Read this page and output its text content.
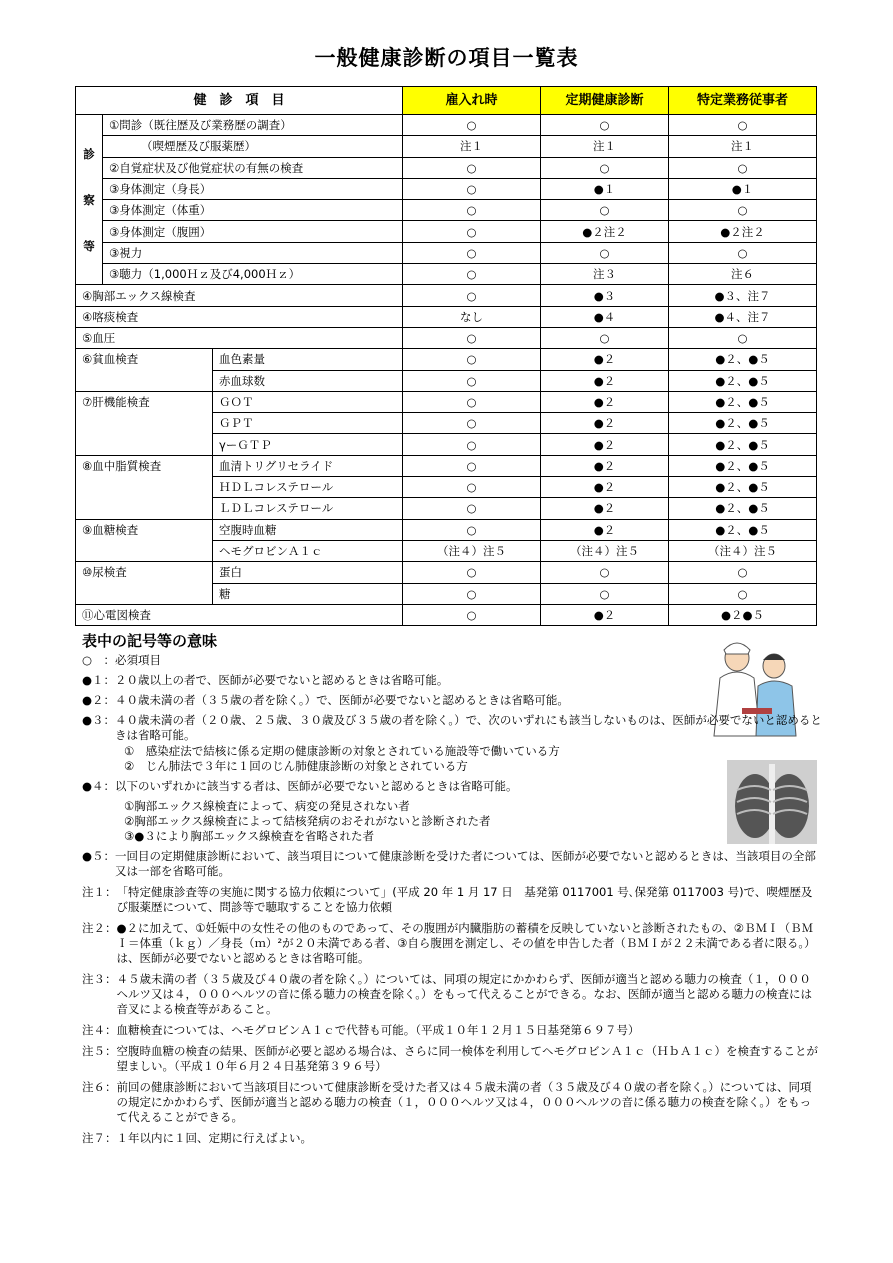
一般健康診断の項目一覧表
健　診　項　目			雇入れ時	定期健康診断	特定業務従事者
診
察
等	①問診（既往歴及び業務歴の調査）		○	○	○
	（喫煙歴及び服薬歴）		注１	注１	注１
	②自覚症状及び他覚症状の有無の検査		○	○	○
	③身体測定（身長）		○	●１	●１
	③身体測定（体重）		○	○	○
	③身体測定（腹囲）		○	●２注２	●２注２
	③視力		○	○	○
	③聴力（1,000Ｈｚ及び4,000Ｈｚ）		○	注３	注６
④胸部エックス線検査			○	●３	●３、注７
④喀痰検査			なし	●４	●４、注７
⑤血圧			○	○	○
⑥貧血検査		血色素量	○	●２	●２、●５
		赤血球数	○	●２	●２、●５
⑦肝機能検査		ＧＯＴ	○	●２	●２、●５
		ＧＰＴ	○	●２	●２、●５
		γーＧＴＰ	○	●２	●２、●５
⑧血中脂質検査		血清トリグリセライド	○	●２	●２、●５
		ＨＤＬコレステロール	○	●２	●２、●５
		ＬＤＬコレステロール	○	●２	●２、●５
⑨血糖検査		空腹時血糖	○	●２	●２、●５
		ヘモグロビンＡ１ｃ	（注４）注５	（注４）注５	（注４）注５
⑩尿検査		蛋白	○	○	○
		糖	○	○	○
⑪心電図検査			○	●２	●２●５
表中の記号等の意味
○　： 必須項目
●１： ２０歳以上の者で、医師が必要でないと認めるときは省略可能。
●２： ４０歳未満の者（３５歳の者を除く。）で、医師が必要でないと認めるときは省略可能。
●３： ４０歳未満の者（２０歳、２５歳、３０歳及び３５歳の者を除く。）で、次のいずれにも該当しないものは、医師が必要でないと認めるときは省略可能。
①　感染症法で結核に係る定期の健康診断の対象とされている施設等で働いている方
②　じん肺法で３年に１回のじん肺健康診断の対象とされている方
●４： 以下のいずれかに該当する者は、医師が必要でないと認めるときは省略可能。
①胸部エックス線検査によって、病変の発見されない者
②胸部エックス線検査によって結核発病のおそれがないと診断された者
③●３により胸部エックス線検査を省略された者
●５： 一回目の定期健康診断において、該当項目について健康診断を受けた者については、医師が必要でないと認めるときは、当該項目の全部又は一部を省略可能。
注１： 「特定健康診査等の実施に関する協力依頼について」(平成 20 年 1 月 17 日　基発第 0117001 号､保発第 0117003 号)で、喫煙歴及び服薬歴について、問診等で聴取することを協力依頼
注２： ●２に加えて、①妊娠中の女性その他のものであって、その腹囲が内臓脂肪の蓄積を反映していないと診断されたもの、②ＢＭＩ（ＢＭＩ＝体重（ｋｇ）／身長（ｍ）²が２０未満である者、③自ら腹囲を測定し、その値を申告した者（ＢＭＩが２２未満である者に限る。）は、医師が必要でないと認めるときは省略可能。
注３： ４５歳未満の者（３５歳及び４０歳の者を除く。）については、同項の規定にかかわらず、医師が適当と認める聴力の検査（１，０００ヘルツ又は４，０００ヘルツの音に係る聴力の検査を除く。）をもって代えることができる。なお、医師が適当と認める聴力の検査には音叉による検査等があること。
注４： 血糖検査については、ヘモグロビンＡ１ｃで代替も可能。（平成１０年１２月１５日基発第６９７号）
注５： 空腹時血糖の検査の結果、医師が必要と認める場合は、さらに同一検体を利用してヘモグロビンＡ１ｃ（ＨｂＡ１ｃ）を検査することが望ましい。（平成１０年６月２４日基発第３９６号）
注６： 前回の健康診断において当該項目について健康診断を受けた者又は４５歳未満の者（３５歳及び４０歳の者を除く。）については、同項の規定にかかわらず、医師が適当と認める聴力の検査（１，０００ヘルツ又は４，０００ヘルツの音に係る聴力の検査を除く。）をもって代えることができる。
注７： １年以内に１回、定期に行えばよい。
